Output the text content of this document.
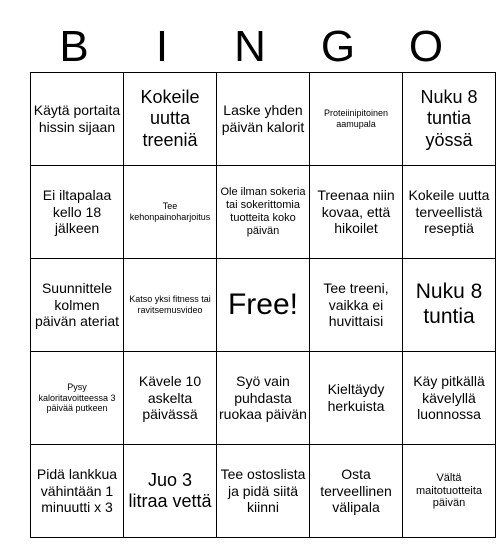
B	I	N	G	O
Käytä portaita hissin sijaan	Kokeile uutta treeniä	Laske yhden päivän kalorit	Proteiinipitoinen aamupala	Nuku 8 tuntia yössä
Ei iltapalaa kello 18 jälkeen	Tee kehonpainoharjoitus	Ole ilman sokeria tai sokerittomia tuotteita koko päivän	Treenaa niin kovaa, että hikoilet	Kokeile uutta terveellistä reseptiä
Suunnittele kolmen päivän ateriat	Katso yksi fitness tai ravitsemusvideo	Free!	Tee treeni, vaikka ei huvittaisi	Nuku 8 tuntia
Pysy kaloritavoitteessa 3 päivää putkeen	Kävele 10 askelta päivässä	Syö vain puhdasta ruokaa päivän	Kieltäydy herkuista	Käy pitkällä kävelyllä luonnossa
Pidä lankkua vähintään 1 minuutti x 3	Juo 3 litraa vettä	Tee ostoslista ja pidä siitä kiinni	Osta terveellinen välipala	Vältä maitotuotteita päivän
